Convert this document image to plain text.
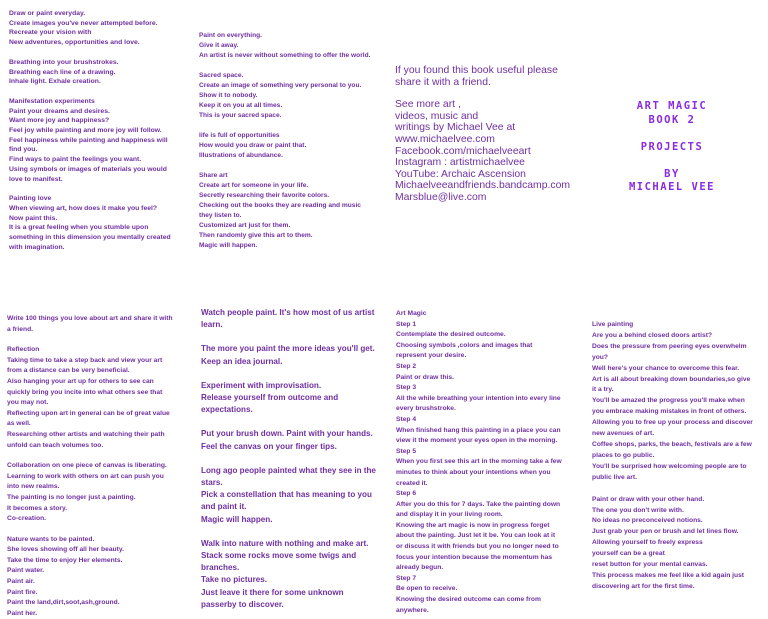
Draw or paint everyday.
Create images you've never attempted before.
Recreate your vision with
New adventures, opportunities and love.
Breathing into your brushstrokes.
Breathing each line of a drawing.
Inhale light. Exhale creation.
Manifestation experiments
Paint your dreams and desires.
Want more joy and happiness?
Feel joy while painting and more joy will follow.
Feel happiness while painting and happiness will
find you.
Find ways to paint the feelings you want.
Using symbols or images of materials you would
love to manifest.
Painting love
When viewing art, how does it make you feel?
Now paint this.
It is a great feeling when you stumble upon
something in this dimension you mentally created
with imagination.
Paint on everything.
Give it away.
An artist is never without something to offer the world.
Sacred space.
Create an image of something very personal to you.
Show it to nobody.
Keep it on you at all times.
This is your sacred space.
life is full of opportunities
How would you draw or paint that.
Illustrations of abundance.
Share art
Create art for someone in your life.
Secretly researching their favorite colors.
Checking out the books they are reading and music
they listen to.
Customized art just for them.
Then randomly give this art to them.
Magic will happen.
If you found this book useful please
share it with a friend.
See more art ,
videos, music and
writings by Michael Vee at
www.michaelvee.com
Facebook.com/michaelveeart
Instagram : artistmichaelvee
YouTube: Archaic Ascension
Michaelveeandfriends.bandcamp.com
Marsblue@live.com
ART MAGIC
BOOK 2

PROJECTS

BY
MICHAEL VEE
Write 100 things you love about art and share it with
a friend.
Reflection
Taking time to take a step back and view your art
from a distance can be very beneficial.
Also hanging your art up for others to see can
quickly bring you incite into what others see that
you may not.
Reflecting upon art in general can be of great value
as well.
Researching other artists and watching their path
unfold can teach volumes too.
Collaboration on one piece of canvas is liberating.
Learning to work with others on art can push you
into new realms.
The painting is no longer just a painting.
It becomes a story.
Co-creation.
Nature wants to be painted.
She loves showing off all her beauty.
Take the time to enjoy Her elements.
Paint water.
Paint air.
Paint fire.
Paint the land,dirt,soot,ash,ground.
Paint her.
Watch people paint. It's how most of us artist
learn.
The more you paint the more ideas you'll get.
Keep an idea journal.
Experiment with improvisation.
Release yourself from outcome and
expectations.
Put your brush down. Paint with your hands.
Feel the canvas on your finger tips.
Long ago people painted what they see in the
stars.
Pick a constellation that has meaning to you
and paint it.
Magic will happen.
Walk into nature with nothing and make art.
Stack some rocks move some twigs and
branches.
Take no pictures.
Just leave it there for some unknown
passerby to discover.
Art Magic
Step 1
Contemplate the desired outcome.
Choosing symbols ,colors and images that
represent your desire.
Step 2
Paint or draw this.
Step 3
All the while breathing your intention into every line
every brushstroke.
Step 4
When finished hang this painting in a place you can
view it the moment your eyes open in the morning.
Step 5
When you first see this art in the morning take a few
minutes to think about your intentions when you
created it.
Step 6
After you do this for 7 days. Take the painting down
and display it in your living room.
Knowing the art magic is now in progress forget
about the painting. Just let it be. You can look at it
or discuss it with friends but you no longer need to
focus your intention because the momentum has
already begun.
Step 7
Be open to receive.
Knowing the desired outcome can come from
anywhere.
Live painting
Are you a behind closed doors artist?
Does the pressure from peering eyes overwhelm
you?
Well here's your chance to overcome this fear.
Art is all about breaking down boundaries,so give
it a try.
You'll be amazed the progress you'll make when
you embrace making mistakes in front of others.
Allowing you to free up your process and discover
new avenues of art.
Coffee shops, parks, the beach, festivals are a few
places to go public.
You'll be surprised how welcoming people are to
public live art.
Paint or draw with your other hand.
The one you don't write with.
No ideas no preconceived notions.
Just grab your pen or brush and let lines flow.
Allowing yourself to freely express
yourself can be a great
reset button for your mental canvas.
This process makes me feel like a kid again just
discovering art for the first time.
